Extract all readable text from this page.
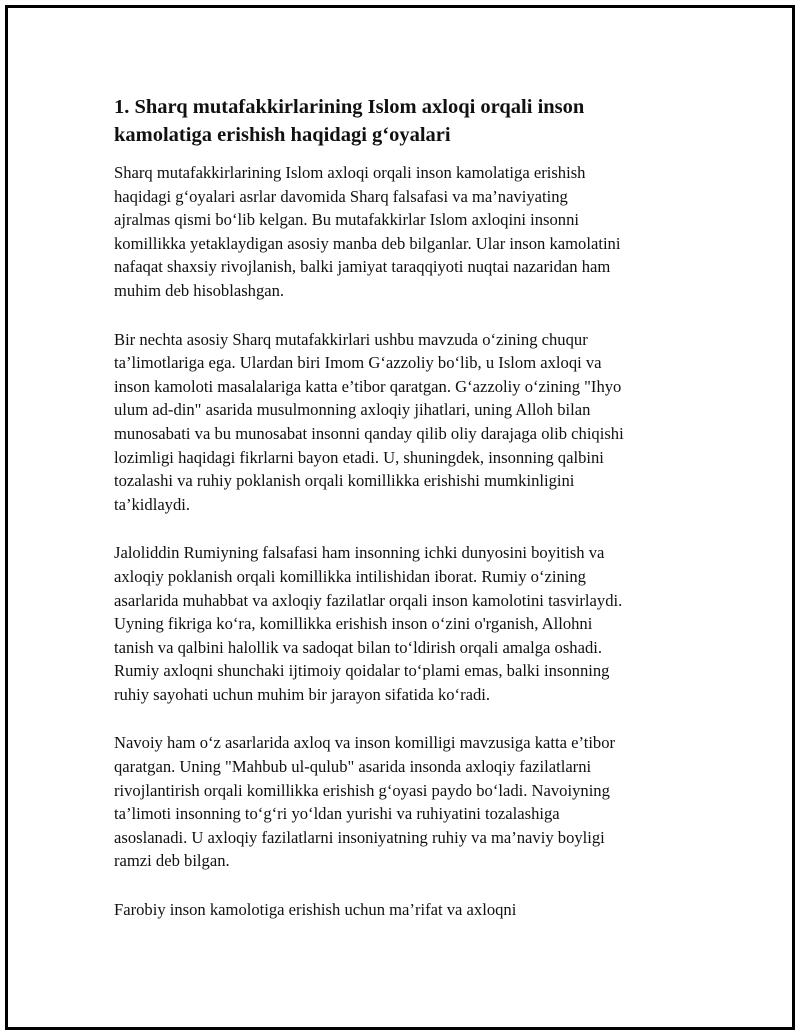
1. Sharq mutafakkirlarining Islom axloqi orqali inson
kamolatiga erishish haqidagi g‘oyalari
Sharq mutafakkirlarining Islom axloqi orqali inson kamolatiga erishish
haqidagi g‘oyalari asrlar davomida Sharq falsafasi va ma’naviyating
ajralmas qismi bo‘lib kelgan. Bu mutafakkirlar Islom axloqini insonni
komillikka yetaklaydigan asosiy manba deb bilganlar. Ular inson kamolatini
nafaqat shaxsiy rivojlanish, balki jamiyat taraqqiyoti nuqtai nazaridan ham
muhim deb hisoblashgan.
Bir nechta asosiy Sharq mutafakkirlari ushbu mavzuda o‘zining chuqur
ta’limotlariga ega. Ulardan biri Imom G‘azzoliy bo‘lib, u Islom axloqi va
inson kamoloti masalalariga katta e’tibor qaratgan. G‘azzoliy o‘zining "Ihyo
ulum ad-din" asarida musulmonning axloqiy jihatlari, uning Alloh bilan
munosabati va bu munosabat insonni qanday qilib oliy darajaga olib chiqishi
lozimligi haqidagi fikrlarni bayon etadi. U, shuningdek, insonning qalbini
tozalashi va ruhiy poklanish orqali komillikka erishishi mumkinligini
ta’kidlaydi.
Jaloliddin Rumiyning falsafasi ham insonning ichki dunyosini boyitish va
axloqiy poklanish orqali komillikka intilishidan iborat. Rumiy o‘zining
asarlarida muhabbat va axloqiy fazilatlar orqali inson kamolotini tasvirlaydi.
Uyning fikriga ko‘ra, komillikka erishish inson o‘zini o'rganish, Allohni
tanish va qalbini halollik va sadoqat bilan to‘ldirish orqali amalga oshadi.
Rumiy axloqni shunchaki ijtimoiy qoidalar to‘plami emas, balki insonning
ruhiy sayohati uchun muhim bir jarayon sifatida ko‘radi.
Navoiy ham o‘z asarlarida axloq va inson komilligi mavzusiga katta e’tibor
qaratgan. Uning "Mahbub ul-qulub" asarida insonda axloqiy fazilatlarni
rivojlantirish orqali komillikka erishish g‘oyasi paydo bo‘ladi. Navoiyning
ta’limoti insonning to‘g‘ri yo‘ldan yurishi va ruhiyatini tozalashiga
asoslanadi. U axloqiy fazilatlarni insoniyatning ruhiy va ma’naviy boyligi
ramzi deb bilgan.
Farobiy inson kamolotiga erishish uchun ma’rifat va axloqni
